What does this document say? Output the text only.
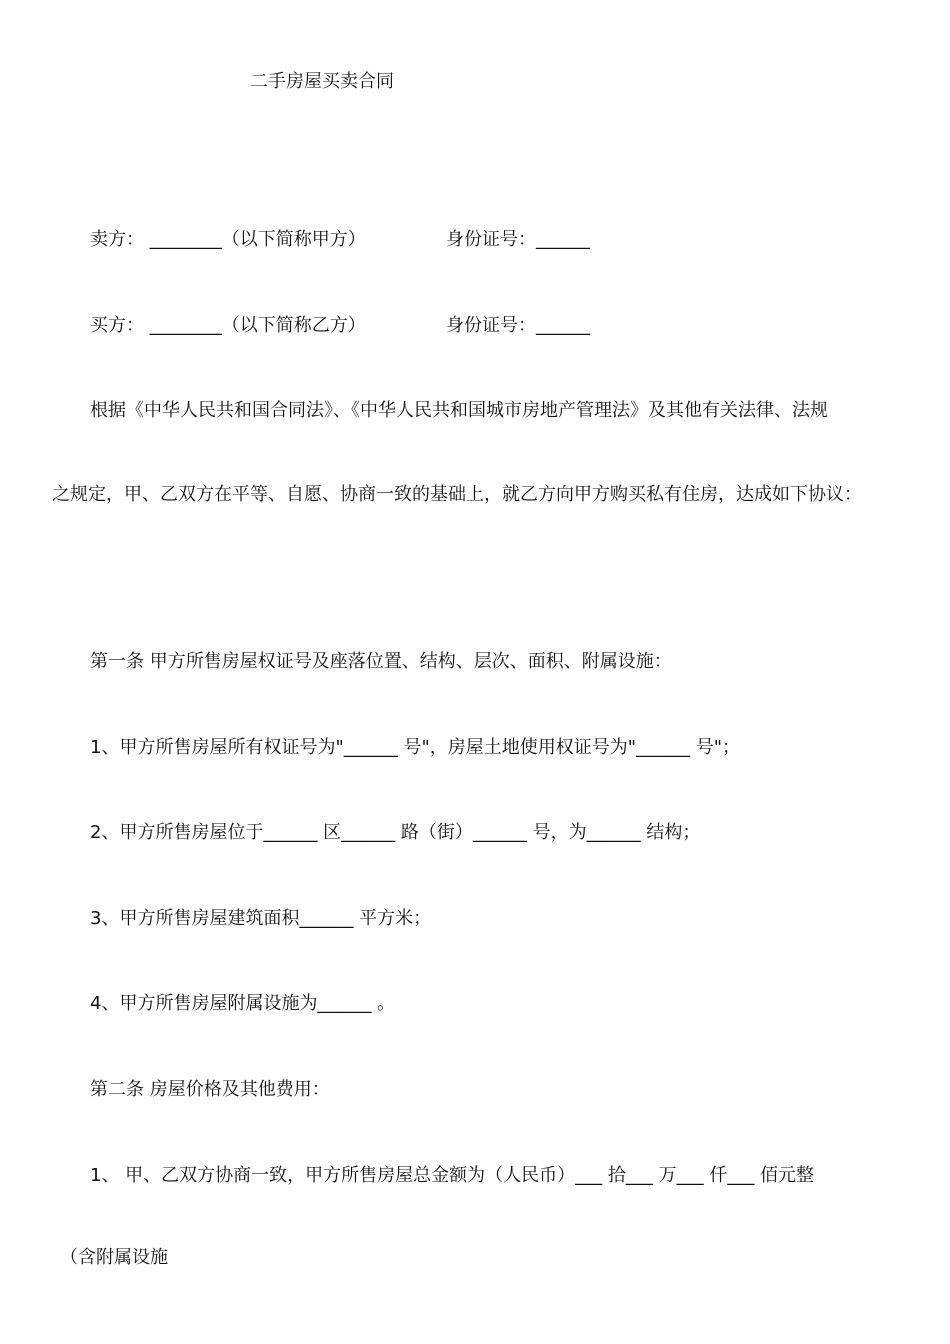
二手房屋买卖合同
卖方： ________（以下简称甲方）	身份证号：______
买方： ________（以下简称乙方）	身份证号：______
根据《中华人民共和国合同法》、《中华人民共和国城市房地产管理法》及其他有关法律、法规
之规定，甲、乙双方在平等、自愿、协商一致的基础上，就乙方向甲方购买私有住房，达成如下协议：
第一条 甲方所售房屋权证号及座落位置、结构、层次、面积、附属设施：
1、甲方所售房屋所有权证号为"______ 号"，房屋土地使用权证号为"______ 号"；
2、甲方所售房屋位于______ 区______ 路（街）______ 号，为______ 结构；
3、甲方所售房屋建筑面积______ 平方米；
4、甲方所售房屋附属设施为______ 。
第二条 房屋价格及其他费用：
1、 甲、乙双方协商一致，甲方所售房屋总金额为（人民币）___ 拾___ 万___ 仟___ 佰元整
（含附属设施
